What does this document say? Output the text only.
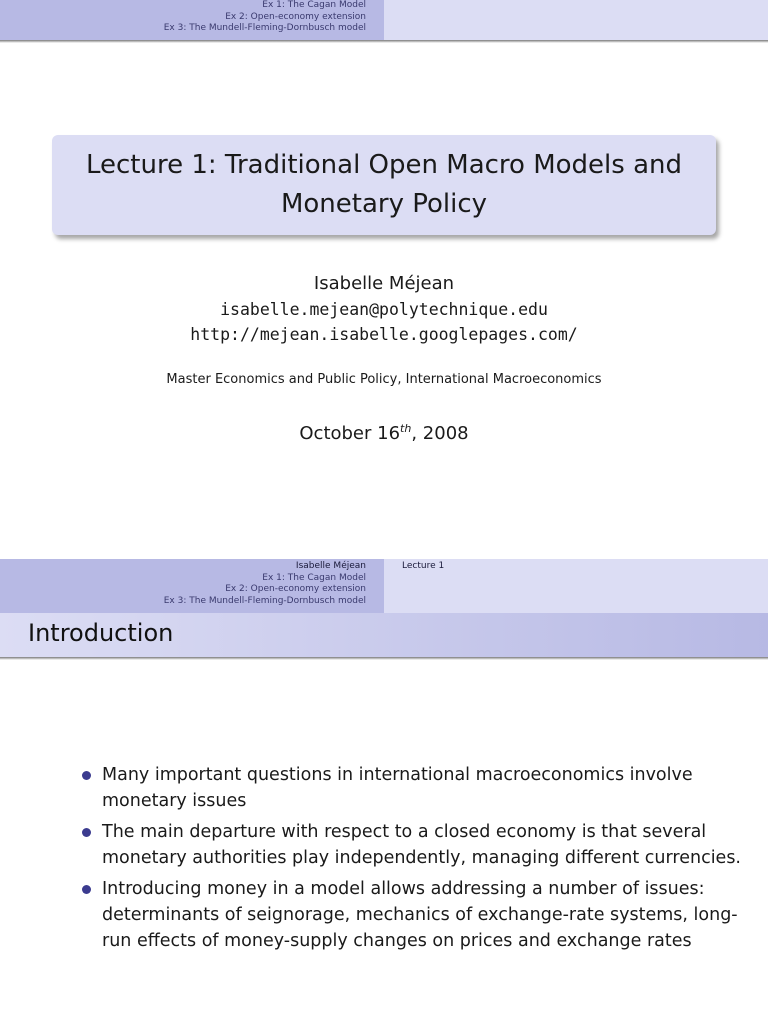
Ex 1: The Cagan Model
Ex 2: Open-economy extension
Ex 3: The Mundell-Fleming-Dornbusch model
Lecture 1: Traditional Open Macro Models and Monetary Policy
Isabelle Méjean
isabelle.mejean@polytechnique.edu
http://mejean.isabelle.googlepages.com/
Master Economics and Public Policy, International Macroeconomics
October 16th, 2008
Isabelle Méjean
Ex 1: The Cagan Model
Ex 2: Open-economy extension
Ex 3: The Mundell-Fleming-Dornbusch model
Lecture 1
Introduction
Many important questions in international macroeconomics involve monetary issues
The main departure with respect to a closed economy is that several monetary authorities play independently, managing different currencies.
Introducing money in a model allows addressing a number of issues: determinants of seignorage, mechanics of exchange-rate systems, long-run effects of money-supply changes on prices and exchange rates
